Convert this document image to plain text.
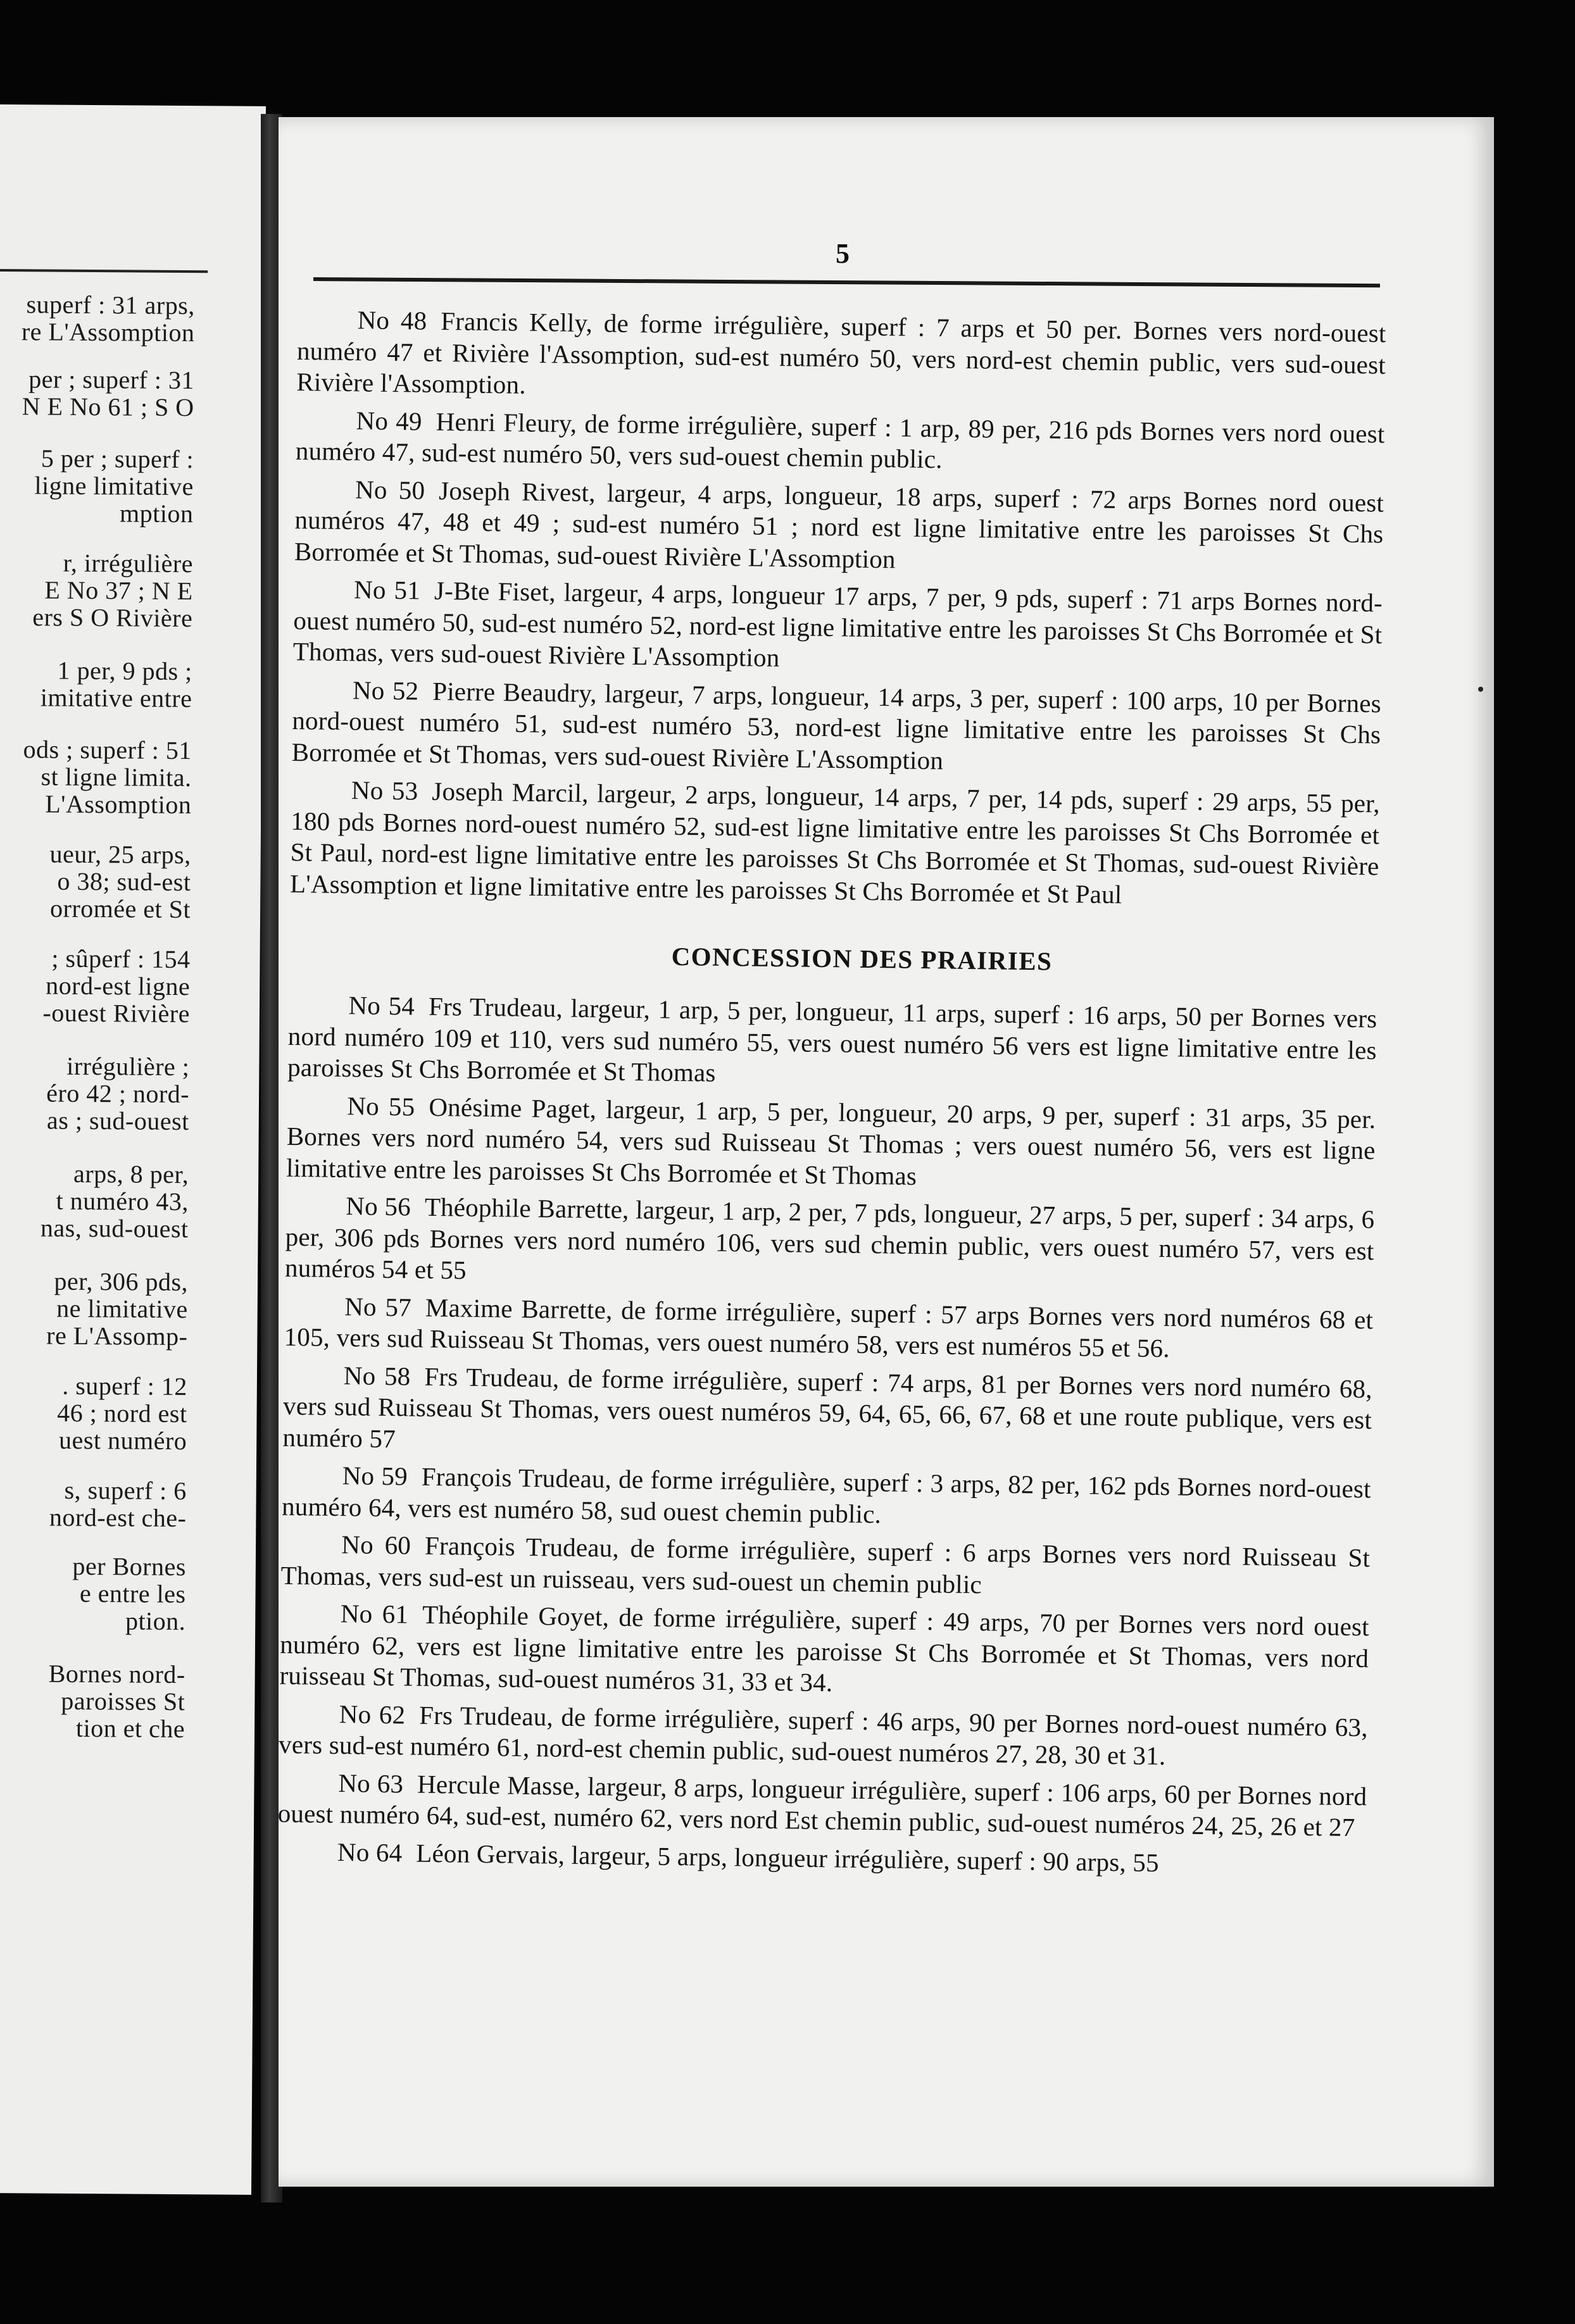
superf : 31 arps,
re L'Assomption
per ; superf : 31
N E No 61 ; S O
5 per ; superf :
ligne limitative
mption
r, irrégulière
E No 37 ; N E
ers S O Rivière
1 per, 9 pds ;
imitative entre
ods ; superf : 51
st ligne limita.
L'Assomption
ueur, 25 arps,
o 38; sud-est
orromée et St
; sûperf : 154
nord-est ligne
-ouest Rivière
irrégulière ;
éro 42 ; nord-
as ; sud-ouest
arps, 8 per,
t numéro 43,
nas, sud-ouest
per, 306 pds,
ne limitative
re L'Assomp-
. superf : 12
46 ; nord est
uest numéro
s, superf : 6
nord-est che-
per Bornes
e entre les
ption.
Bornes nord-
paroisses St
tion et che
5

No 48 Francis Kelly, de forme irrégulière, superf : 7 arps et 50 per. Bornes vers nord-ouest numéro 47 et Rivière l'Assomption, sud-est numéro 50, vers nord-est chemin public, vers sud-ouest Rivière l'Assomption.

No 49 Henri Fleury, de forme irrégulière, superf : 1 arp, 89 per, 216 pds Bornes vers nord ouest numéro 47, sud-est numéro 50, vers sud-ouest chemin public.

No 50 Joseph Rivest, largeur, 4 arps, longueur, 18 arps, superf : 72 arps Bornes nord ouest numéros 47, 48 et 49 ; sud-est numéro 51 ; nord est ligne limitative entre les paroisses St Chs Borromée et St Thomas, sud-ouest Rivière L'Assomption

No 51 J-Bte Fiset, largeur, 4 arps, longueur 17 arps, 7 per, 9 pds, superf : 71 arps Bornes nord-ouest numéro 50, sud-est numéro 52, nord-est ligne limitative entre les paroisses St Chs Borromée et St Thomas, vers sud-ouest Rivière L'Assomption

No 52 Pierre Beaudry, largeur, 7 arps, longueur, 14 arps, 3 per, superf : 100 arps, 10 per Bornes nord-ouest numéro 51, sud-est numéro 53, nord-est ligne limitative entre les paroisses St Chs Borromée et St Thomas, vers sud-ouest Rivière L'Assomption

No 53 Joseph Marcil, largeur, 2 arps, longueur, 14 arps, 7 per, 14 pds, superf : 29 arps, 55 per, 180 pds Bornes nord-ouest numéro 52, sud-est ligne limitative entre les paroisses St Chs Borromée et St Paul, nord-est ligne limitative entre les paroisses St Chs Borromée et St Thomas, sud-ouest Rivière L'Assomption et ligne limitative entre les paroisses St Chs Borromée et St Paul

CONCESSION DES PRAIRIES

No 54 Frs Trudeau, largeur, 1 arp, 5 per, longueur, 11 arps, superf : 16 arps, 50 per Bornes vers nord numéro 109 et 110, vers sud numéro 55, vers ouest numéro 56 vers est ligne limitative entre les paroisses St Chs Borromée et St Thomas

No 55 Onésime Paget, largeur, 1 arp, 5 per, longueur, 20 arps, 9 per, superf : 31 arps, 35 per. Bornes vers nord numéro 54, vers sud Ruisseau St Thomas ; vers ouest numéro 56, vers est ligne limitative entre les paroisses St Chs Borromée et St Thomas

No 56 Théophile Barrette, largeur, 1 arp, 2 per, 7 pds, longueur, 27 arps, 5 per, superf : 34 arps, 6 per, 306 pds Bornes vers nord numéro 106, vers sud chemin public, vers ouest numéro 57, vers est numéros 54 et 55

No 57 Maxime Barrette, de forme irrégulière, superf : 57 arps Bornes vers nord numéros 68 et 105, vers sud Ruisseau St Thomas, vers ouest numéro 58, vers est numéros 55 et 56.

No 58 Frs Trudeau, de forme irrégulière, superf : 74 arps, 81 per Bornes vers nord numéro 68, vers sud Ruisseau St Thomas, vers ouest numéros 59, 64, 65, 66, 67, 68 et une route publique, vers est numéro 57

No 59 François Trudeau, de forme irrégulière, superf : 3 arps, 82 per, 162 pds Bornes nord-ouest numéro 64, vers est numéro 58, sud ouest chemin public.

No 60 François Trudeau, de forme irrégulière, superf : 6 arps Bornes vers nord Ruisseau St Thomas, vers sud-est un ruisseau, vers sud-ouest un chemin public

No 61 Théophile Goyet, de forme irrégulière, superf : 49 arps, 70 per Bornes vers nord ouest numéro 62, vers est ligne limitative entre les paroisse St Chs Borromée et St Thomas, vers nord ruisseau St Thomas, sud-ouest numéros 31, 33 et 34.

No 62 Frs Trudeau, de forme irrégulière, superf : 46 arps, 90 per Bornes nord-ouest numéro 63, vers sud-est numéro 61, nord-est chemin public, sud-ouest numéros 27, 28, 30 et 31.

No 63 Hercule Masse, largeur, 8 arps, longueur irrégulière, superf : 106 arps, 60 per Bornes nord ouest numéro 64, sud-est, numéro 62, vers nord Est chemin public, sud-ouest numéros 24, 25, 26 et 27

No 64 Léon Gervais, largeur, 5 arps, longueur irrégulière, superf : 90 arps, 55
